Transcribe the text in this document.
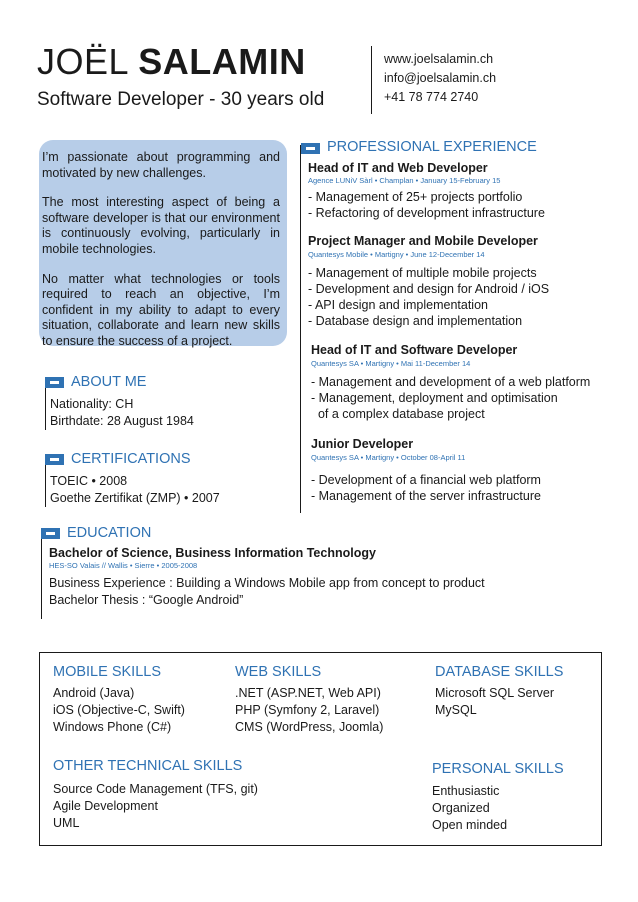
JOËL SALAMIN
Software Developer - 30 years old
www.joelsalamin.ch
info@joelsalamin.ch
+41 78 774 2740

I’m passionate about programming and motivated by new challenges.

The most interesting aspect of being a software developer is that our environment is continuously evolving, particularly in mobile technologies.

No matter what technologies or tools required to reach an objective, I’m confident in my ability to adapt to every situation, collaborate and learn new skills to ensure the success of a project.

ABOUT ME
Nationality: CH
Birthdate: 28 August 1984
CERTIFICATIONS
TOEIC • 2008
Goethe Zertifikat (ZMP) • 2007
PROFESSIONAL EXPERIENCE
Head of IT and Web Developer
Agence LUNiV Sàrl • Champlan • January 15-February 15
- Management of 25+ projects portfolio
- Refactoring of development infrastructure
Project Manager and Mobile Developer
Quantesys Mobile • Martigny • June 12-December 14
- Management of multiple mobile projects
- Development and design for Android / iOS
- API design and implementation
- Database design and implementation
Head of IT and Software Developer
Quantesys SA • Martigny • Mai 11-December 14
- Management and development of a web platform
- Management, deployment and optimisation
of a complex database project
Junior Developer
Quantesys SA • Martigny • October 08-April 11
- Development of a financial web platform
- Management of the server infrastructure
EDUCATION
Bachelor of Science, Business Information Technology
HES-SO Valais // Wallis • Sierre • 2005-2008
Business Experience : Building a Windows Mobile app from concept to product
Bachelor Thesis : “Google Android”
MOBILE SKILLS
Android (Java)
iOS (Objective-C, Swift)
Windows Phone (C#)
WEB SKILLS
.NET (ASP.NET, Web API)
PHP (Symfony 2, Laravel)
CMS (WordPress, Joomla)
DATABASE SKILLS
Microsoft SQL Server
MySQL
OTHER TECHNICAL SKILLS
Source Code Management (TFS, git)
Agile Development
UML
PERSONAL SKILLS
Enthusiastic
Organized
Open minded
